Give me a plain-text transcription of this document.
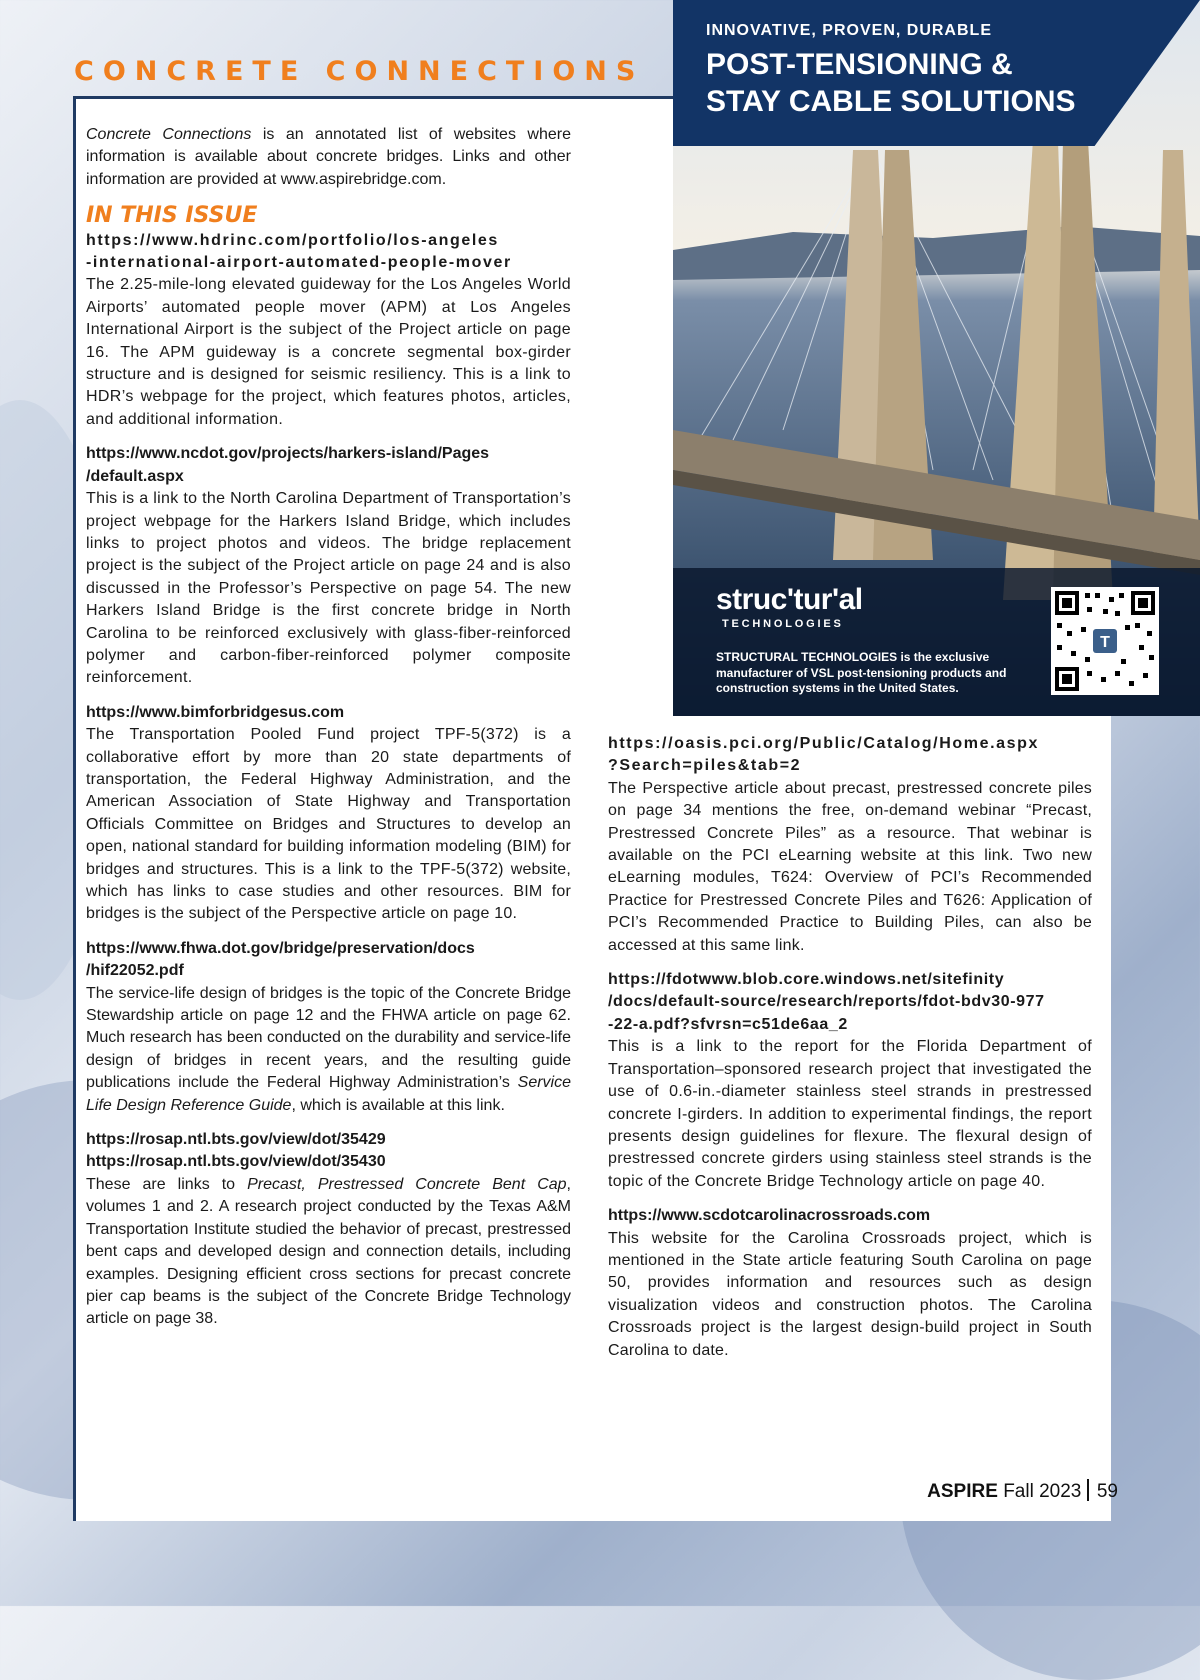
CONCRETE CONNECTIONS

Concrete Connections is an annotated list of websites where information is available about concrete bridges. Links and other information are provided at www.aspirebridge.com.

IN THIS ISSUE
https://www.hdrinc.com/portfolio/los-angeles
-international-airport-automated-people-mover

The 2.25-mile-long elevated guideway for the Los Angeles World Airports’ automated people mover (APM) at Los Angeles International Airport is the subject of the Project article on page 16. The APM guideway is a concrete segmental box-girder structure and is designed for seismic resiliency. This is a link to HDR’s webpage for the project, which features photos, articles, and additional information.

https://www.ncdot.gov/projects/harkers-island/Pages
/default.aspx

This is a link to the North Carolina Department of Transportation’s project webpage for the Harkers Island Bridge, which includes links to project photos and videos. The bridge replacement project is the subject of the Project article on page 24 and is also discussed in the Professor’s Perspective on page 54. The new Harkers Island Bridge is the first concrete bridge in North Carolina to be reinforced exclusively with glass-fiber-reinforced polymer and carbon-fiber-reinforced polymer composite reinforcement.

https://www.bimforbridgesus.com

The Transportation Pooled Fund project TPF-5(372) is a collaborative effort by more than 20 state departments of transportation, the Federal Highway Administration, and the American Association of State Highway and Transportation Officials Committee on Bridges and Structures to develop an open, national standard for building information modeling (BIM) for bridges and structures. This is a link to the TPF-5(372) website, which has links to case studies and other resources. BIM for bridges is the subject of the Perspective article on page 10.

https://www.fhwa.dot.gov/bridge/preservation/docs
/hif22052.pdf

The service-life design of bridges is the topic of the Concrete Bridge Stewardship article on page 12 and the FHWA article on page 62. Much research has been conducted on the durability and service-life design of bridges in recent years, and the resulting guide publications include the Federal Highway Administration’s Service Life Design Reference Guide, which is available at this link.

https://rosap.ntl.bts.gov/view/dot/35429
https://rosap.ntl.bts.gov/view/dot/35430

These are links to Precast, Prestressed Concrete Bent Cap, volumes 1 and 2. A research project conducted by the Texas A&M Transportation Institute studied the behavior of precast, prestressed bent caps and developed design and connection details, including examples. Designing efficient cross sections for precast concrete pier cap beams is the subject of the Concrete Bridge Technology article on page 38.

INNOVATIVE, PROVEN, DURABLE
POST-TENSIONING &
STAY CABLE SOLUTIONS
struc'tur'al
TECHNOLOGIES
STRUCTURAL TECHNOLOGIES is the exclusive manufacturer of VSL post-tensioning products and construction systems in the United States.
T
https://oasis.pci.org/Public/Catalog/Home.aspx
?Search=piles&tab=2

The Perspective article about precast, prestressed concrete piles on page 34 mentions the free, on-demand webinar “Precast, Prestressed Concrete Piles” as a resource. That webinar is available on the PCI eLearning website at this link. Two new eLearning modules, T624: Overview of PCI’s Recommended Practice for Prestressed Concrete Piles and T626: Application of PCI’s Recommended Practice to Building Piles, can also be accessed at this same link.

https://fdotwww.blob.core.windows.net/sitefinity
/docs/default-source/research/reports/fdot-bdv30-977
-22-a.pdf?sfvrsn=c51de6aa_2

This is a link to the report for the Florida Department of Transportation–sponsored research project that investigated the use of 0.6-in.-diameter stainless steel strands in prestressed concrete I-girders. In addition to experimental findings, the report presents design guidelines for flexure. The flexural design of prestressed concrete girders using stainless steel strands is the topic of the Concrete Bridge Technology article on page 40.

https://www.scdotcarolinacrossroads.com

This website for the Carolina Crossroads project, which is mentioned in the State article featuring South Carolina on page 50, provides information and resources such as design visualization videos and construction photos. The Carolina Crossroads project is the largest design-build project in South Carolina to date.

ASPIRE Fall 2023 59
